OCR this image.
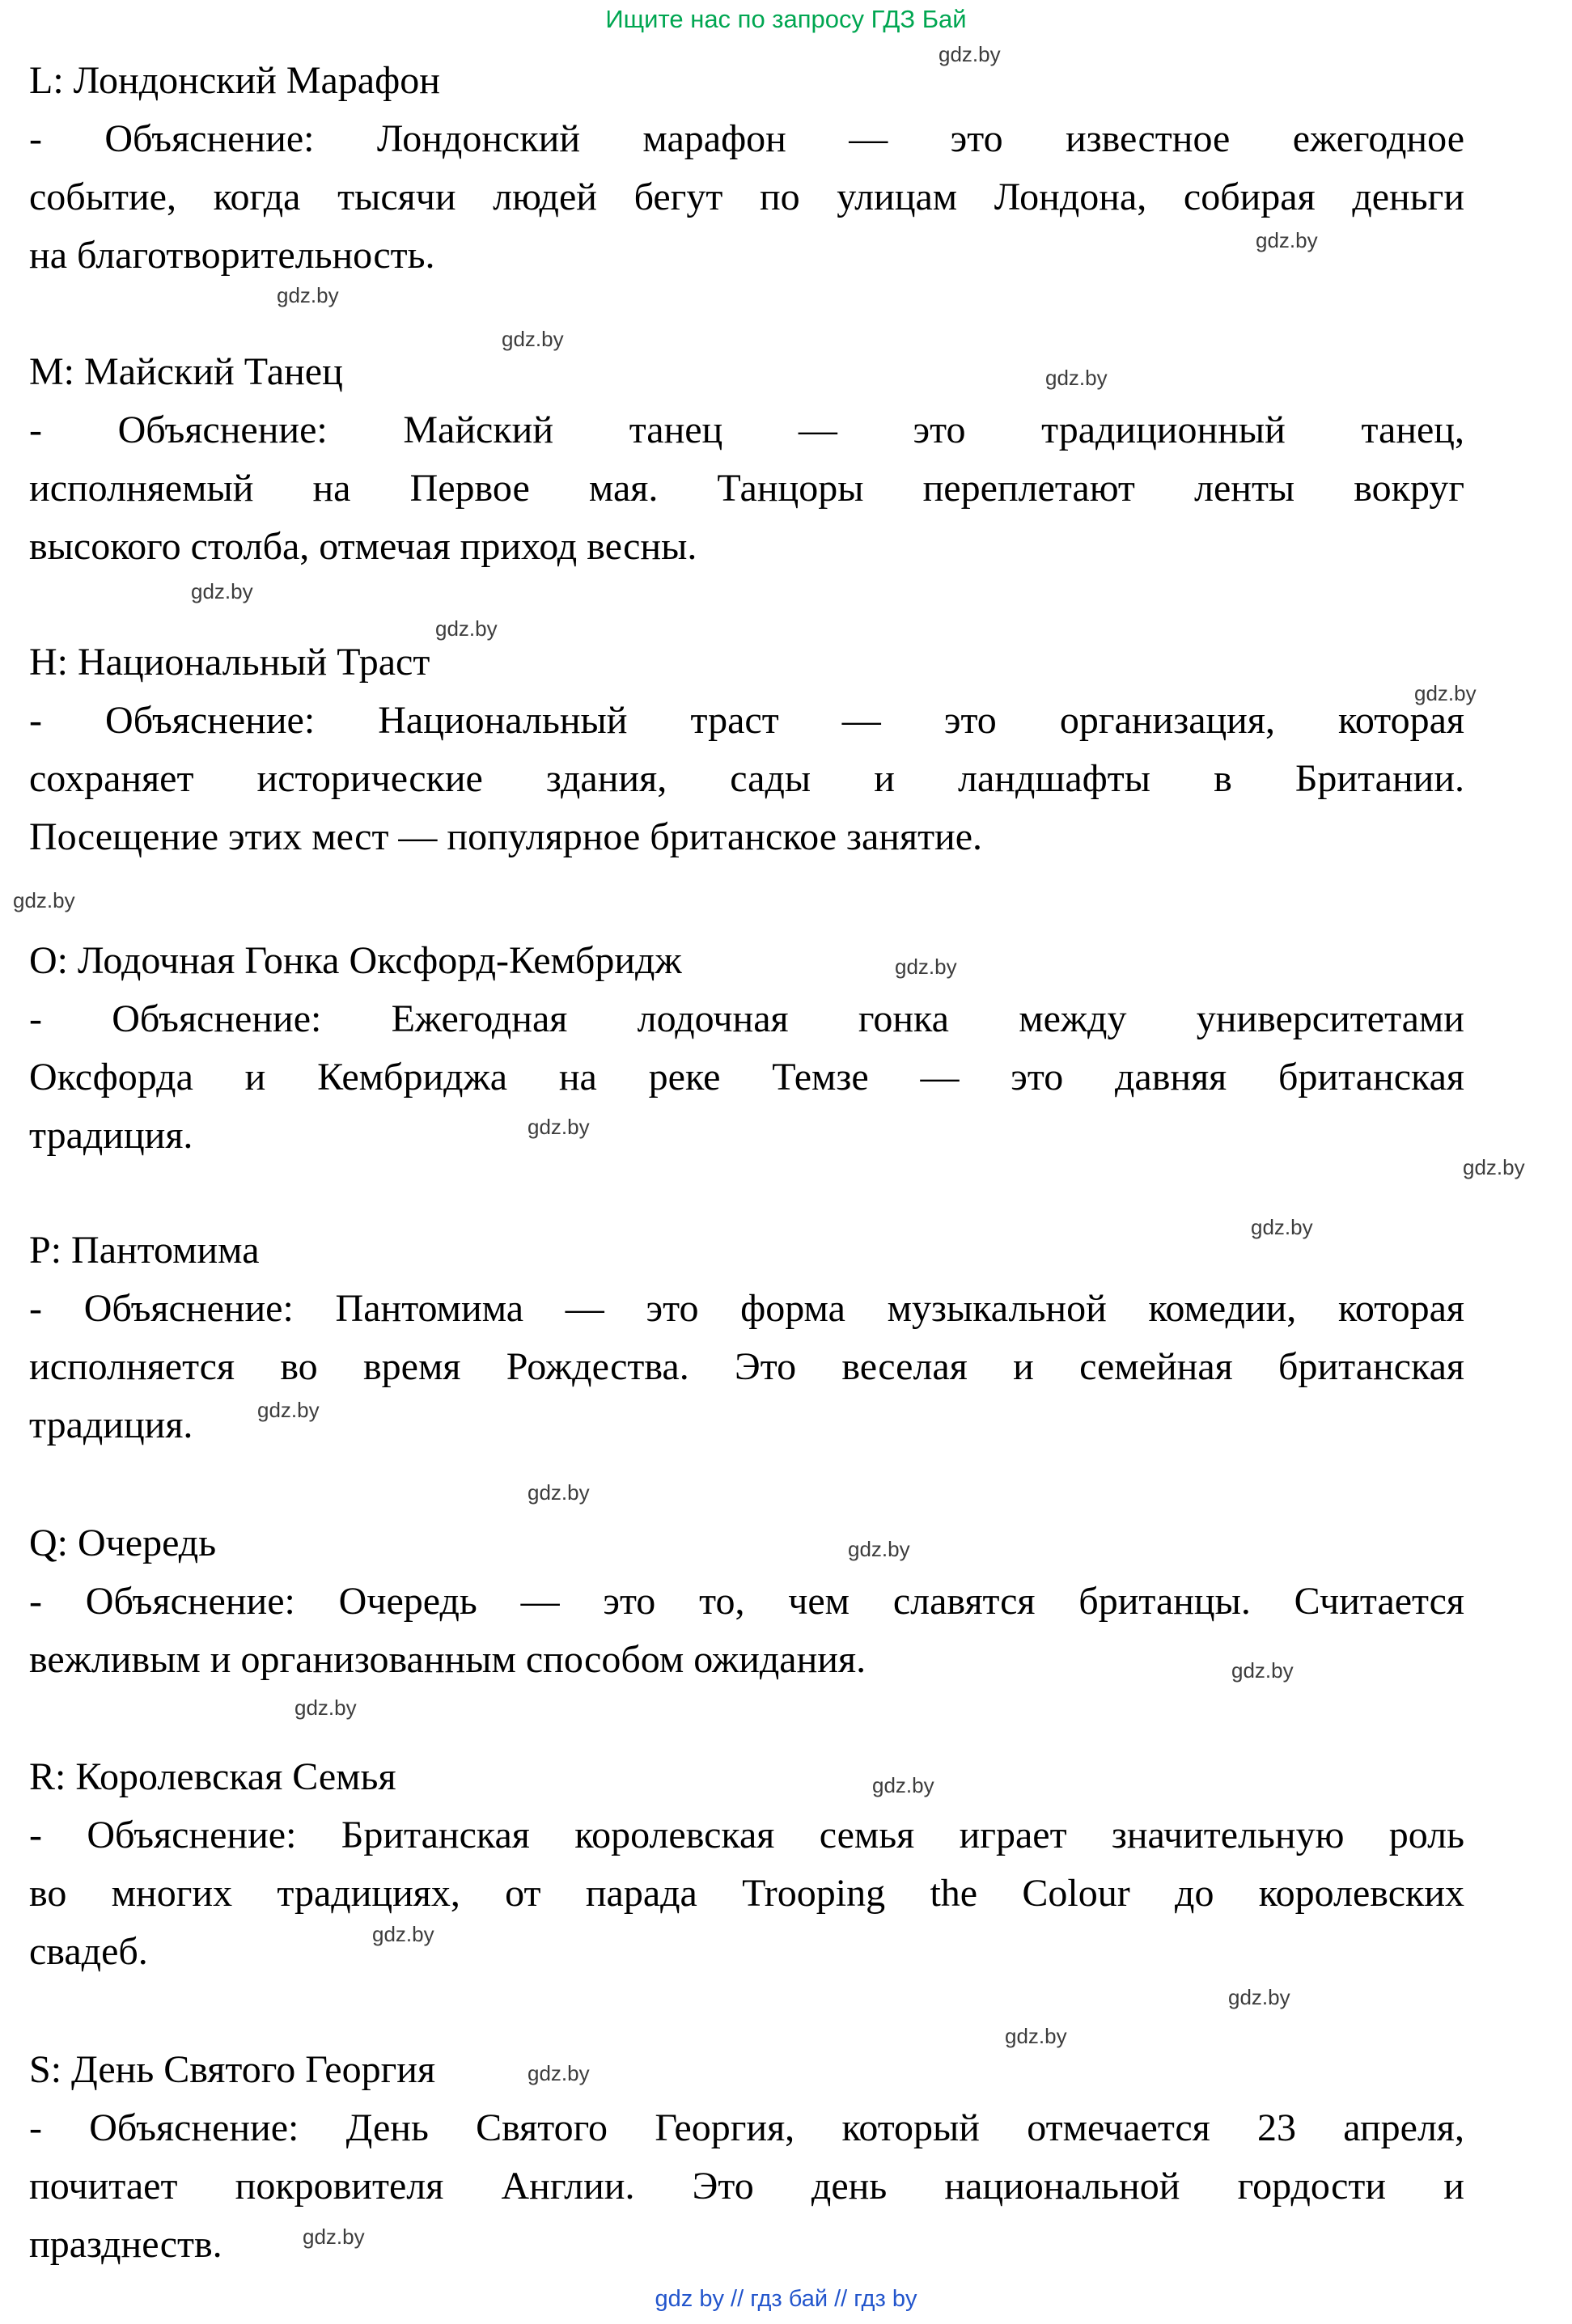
Ищите нас по запросу ГДЗ Бай
L: Лондонский Марафон
- Объяснение: Лондонский марафон — это известное ежегодное
событие, когда тысячи людей бегут по улицам Лондона, собирая деньги
на благотворительность.
M: Майский Танец
- Объяснение: Майский танец — это традиционный танец,
исполняемый на Первое мая. Танцоры переплетают ленты вокруг
высокого столба, отмечая приход весны.
Н: Национальный Траст
- Объяснение: Национальный траст — это организация, которая
сохраняет исторические здания, сады и ландшафты в Британии.
Посещение этих мест — популярное британское занятие.
O: Лодочная Гонка Оксфорд-Кембридж
- Объяснение: Ежегодная лодочная гонка между университетами
Оксфорда и Кембриджа на реке Темзе — это давняя британская
традиция.
P: Пантомима
- Объяснение: Пантомима — это форма музыкальной комедии, которая
исполняется во время Рождества. Это веселая и семейная британская
традиция.
Q: Очередь
- Объяснение: Очередь — это то, чем славятся британцы. Считается
вежливым и организованным способом ожидания.
R: Королевская Семья
- Объяснение: Британская королевская семья играет значительную роль
во многих традициях, от парада Trooping the Colour до королевских
свадеб.
S: День Святого Георгия
- Объяснение: День Святого Георгия, который отмечается 23 апреля,
почитает покровителя Англии. Это день национальной гордости и
празднеств.
gdz.by
gdz.by
gdz.by
gdz.by
gdz.by
gdz.by
gdz.by
gdz.by
gdz.by
gdz.by
gdz.by
gdz.by
gdz.by
gdz.by
gdz.by
gdz.by
gdz.by
gdz.by
gdz.by
gdz.by
gdz.by
gdz.by
gdz.by
gdz.by
gdz by // гдз бай // гдз by
